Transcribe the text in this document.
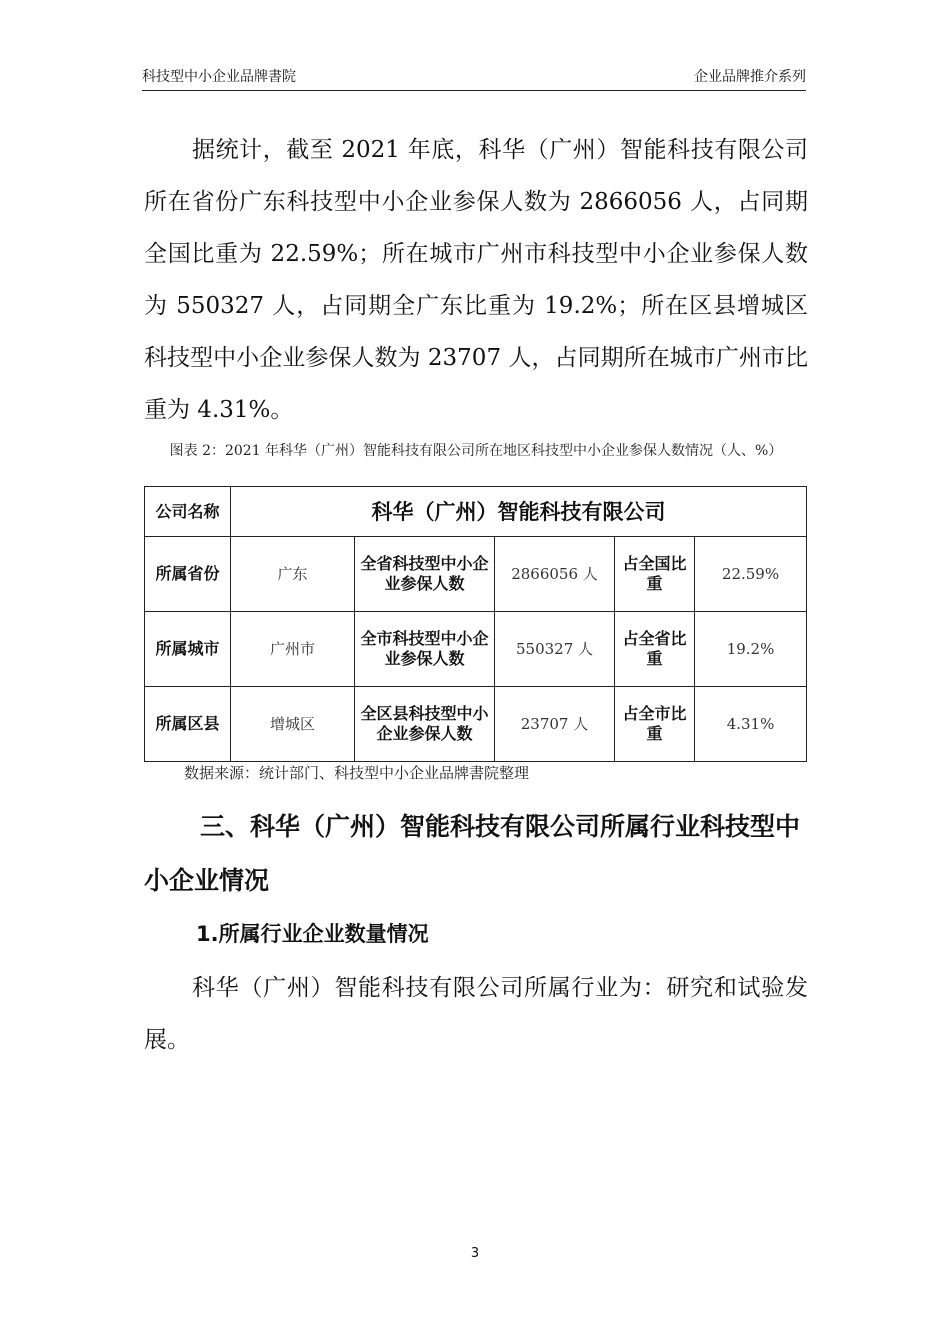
科技型中小企业品牌書院	企业品牌推介系列

据统计，截至 2021 年底，科华（广州）智能科技有限公司所在省份广东科技型中小企业参保人数为 2866056 人，占同期全国比重为 22.59%；所在城市广州市科技型中小企业参保人数为 550327 人，占同期全广东比重为 19.2%；所在区县增城区科技型中小企业参保人数为 23707 人，占同期所在城市广州市比重为 4.31%。

图表 2：2021 年科华（广州）智能科技有限公司所在地区科技型中小企业参保人数情况（人、%）
公司名称	科华（广州）智能科技有限公司				
所属省份	广东	全省科技型中小企业参保人数	2866056 人	占全国比重	22.59%
所属城市	广州市	全市科技型中小企业参保人数	550327 人	占全省比重	19.2%
所属区县	增城区	全区县科技型中小企业参保人数	23707 人	占全市比重	4.31%
数据来源：统计部门、科技型中小企业品牌書院整理
三、科华（广州）智能科技有限公司所属行业科技型中小企业情况
1.所属行业企业数量情况

科华（广州）智能科技有限公司所属行业为：研究和试验发展。

3
